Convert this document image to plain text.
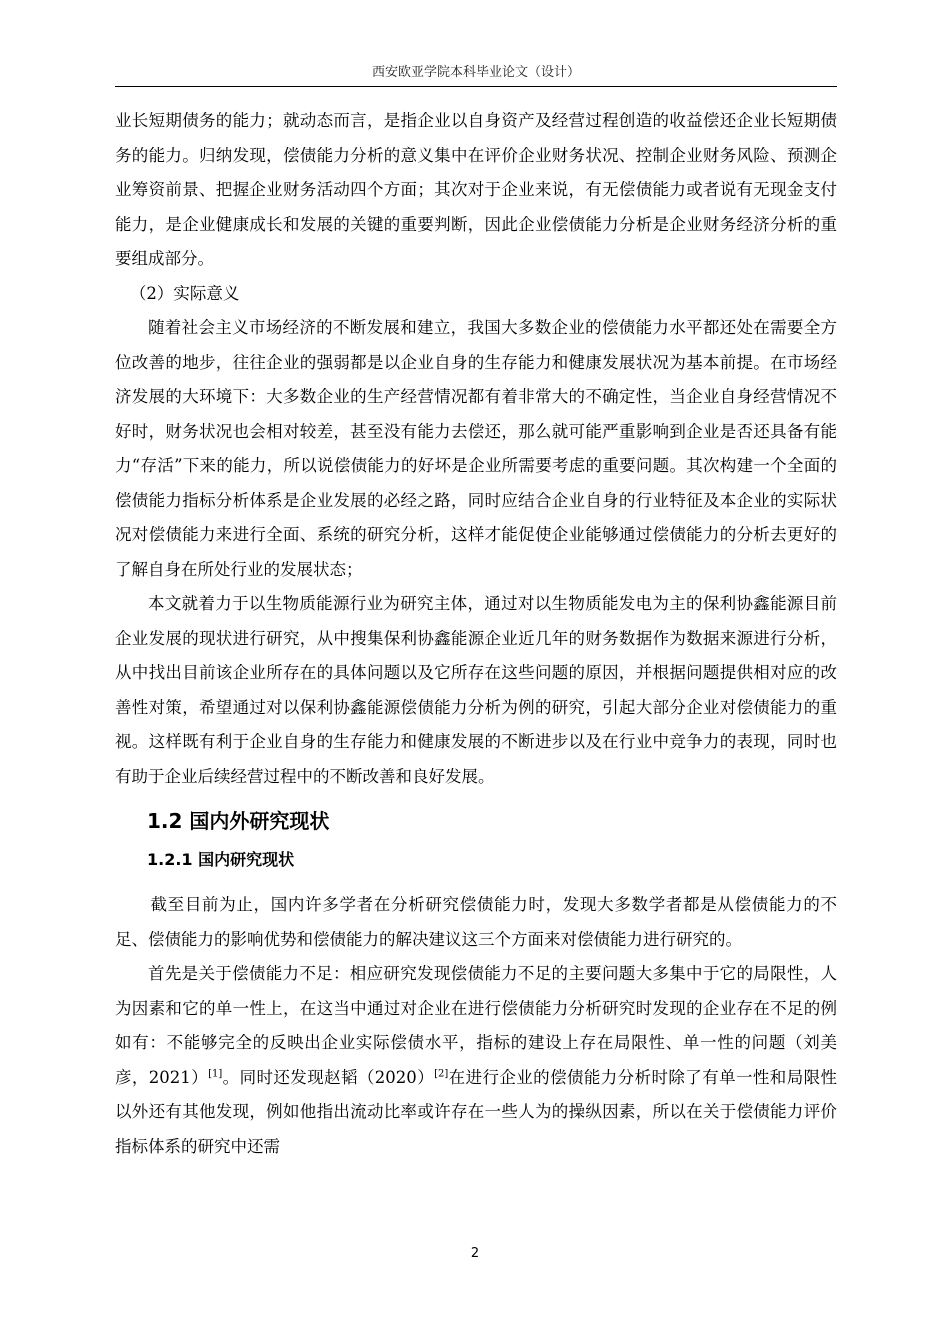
西安欧亚学院本科毕业论文（设计）

业长短期债务的能力；就动态而言，是指企业以自身资产及经营过程创造的收益偿还企业长短期债务的能力。归纳发现，偿债能力分析的意义集中在评价企业财务状况、控制企业财务风险、预测企业筹资前景、把握企业财务活动四个方面；其次对于企业来说，有无偿债能力或者说有无现金支付能力，是企业健康成长和发展的关键的重要判断，因此企业偿债能力分析是企业财务经济分析的重要组成部分。

（2）实际意义

随着社会主义市场经济的不断发展和建立，我国大多数企业的偿债能力水平都还处在需要全方位改善的地步，往往企业的强弱都是以企业自身的生存能力和健康发展状况为基本前提。在市场经济发展的大环境下：大多数企业的生产经营情况都有着非常大的不确定性，当企业自身经营情况不好时，财务状况也会相对较差，甚至没有能力去偿还，那么就可能严重影响到企业是否还具备有能力“存活”下来的能力，所以说偿债能力的好坏是企业所需要考虑的重要问题。其次构建一个全面的偿债能力指标分析体系是企业发展的必经之路，同时应结合企业自身的行业特征及本企业的实际状况对偿债能力来进行全面、系统的研究分析，这样才能促使企业能够通过偿债能力的分析去更好的了解自身在所处行业的发展状态；

本文就着力于以生物质能源行业为研究主体，通过对以生物质能发电为主的保利协鑫能源目前企业发展的现状进行研究，从中搜集保利协鑫能源企业近几年的财务数据作为数据来源进行分析，从中找出目前该企业所存在的具体问题以及它所存在这些问题的原因，并根据问题提供相对应的改善性对策，希望通过对以保利协鑫能源偿债能力分析为例的研究，引起大部分企业对偿债能力的重视。这样既有利于企业自身的生存能力和健康发展的不断进步以及在行业中竞争力的表现，同时也有助于企业后续经营过程中的不断改善和良好发展。

1.2 国内外研究现状

1.2.1 国内研究现状

截至目前为止，国内许多学者在分析研究偿债能力时，发现大多数学者都是从偿债能力的不足、偿债能力的影响优势和偿债能力的解决建议这三个方面来对偿债能力进行研究的。

首先是关于偿债能力不足：相应研究发现偿债能力不足的主要问题大多集中于它的局限性，人为因素和它的单一性上，在这当中通过对企业在进行偿债能力分析研究时发现的企业存在不足的例如有：不能够完全的反映出企业实际偿债水平，指标的建设上存在局限性、单一性的问题（刘美彦，2021）[1]。同时还发现赵韬（2020）[2]在进行企业的偿债能力分析时除了有单一性和局限性以外还有其他发现，例如他指出流动比率或许存在一些人为的操纵因素，所以在关于偿债能力评价指标体系的研究中还需

2
